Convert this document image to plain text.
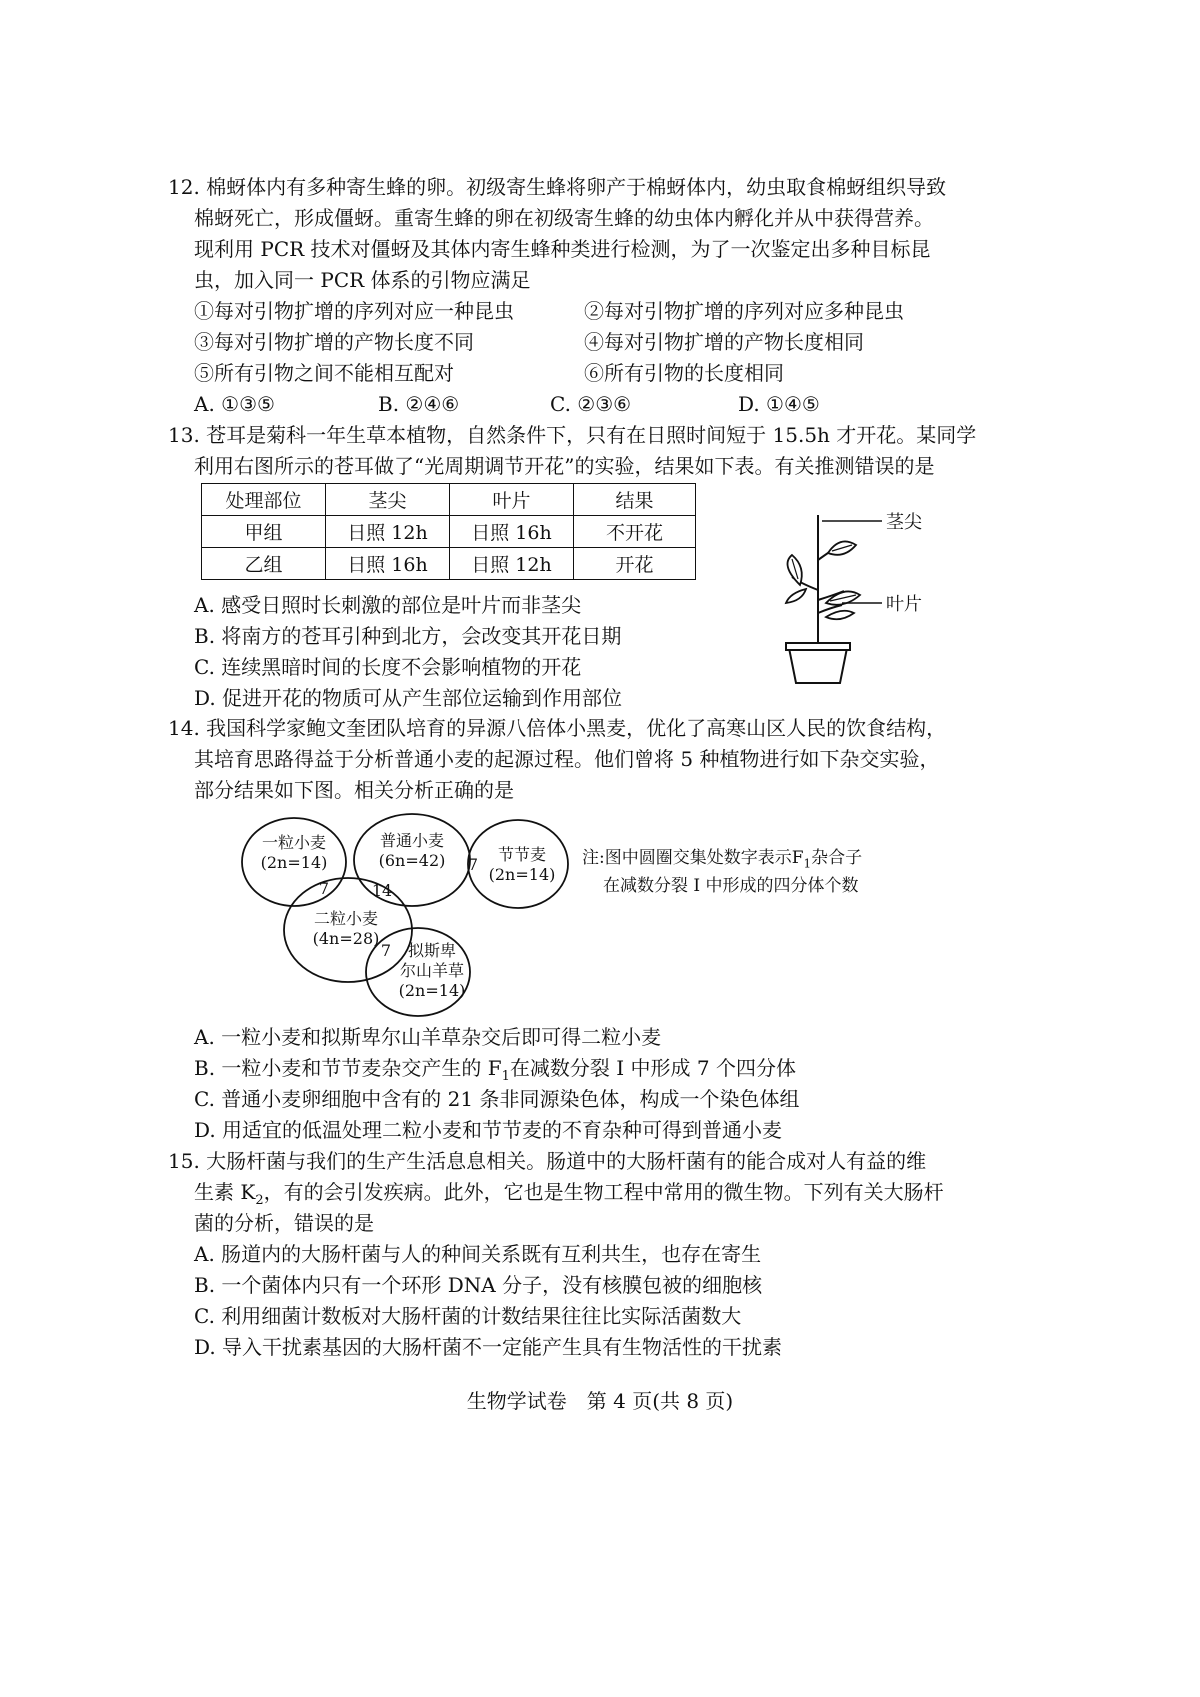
12. 棉蚜体内有多种寄生蜂的卵。初级寄生蜂将卵产于棉蚜体内，幼虫取食棉蚜组织导致
棉蚜死亡，形成僵蚜。重寄生蜂的卵在初级寄生蜂的幼虫体内孵化并从中获得营养。
现利用 PCR 技术对僵蚜及其体内寄生蜂种类进行检测，为了一次鉴定出多种目标昆
虫，加入同一 PCR 体系的引物应满足
①每对引物扩增的序列对应一种昆虫	②每对引物扩增的序列对应多种昆虫
③每对引物扩增的产物长度不同	④每对引物扩增的产物长度相同
⑤所有引物之间不能相互配对	⑥所有引物的长度相同
A. ①③⑤	B. ②④⑥	C. ②③⑥	D. ①④⑤
13. 苍耳是菊科一年生草本植物，自然条件下，只有在日照时间短于 15.5h 才开花。某同学
利用右图所示的苍耳做了“光周期调节开花”的实验，结果如下表。有关推测错误的是
处理部位	茎尖	叶片	结果
甲组	日照 12h	日照 16h	不开花
乙组	日照 16h	日照 12h	开花
A. 感受日照时长刺激的部位是叶片而非茎尖
B. 将南方的苍耳引种到北方，会改变其开花日期
C. 连续黑暗时间的长度不会影响植物的开花
D. 促进开花的物质可从产生部位运输到作用部位
茎尖
叶片
14. 我国科学家鲍文奎团队培育的异源八倍体小黑麦，优化了高寒山区人民的饮食结构，
其培育思路得益于分析普通小麦的起源过程。他们曾将 5 种植物进行如下杂交实验，
部分结果如下图。相关分析正确的是
一粒小麦
(2n=14)
普通小麦
(6n=42)	节节麦
(2n=14)
二粒小麦
(4n=28)
拟斯卑
尔山羊草
(2n=14)
7	14
7
7
注:图中圆圈交集处数字表示$F_1$杂合子
在减数分裂 Ⅰ 中形成的四分体个数
A. 一粒小麦和拟斯卑尔山羊草杂交后即可得二粒小麦
B. 一粒小麦和节节麦杂交产生的 $F_1$在减数分裂 Ⅰ 中形成 7 个四分体
C. 普通小麦卵细胞中含有的 21 条非同源染色体，构成一个染色体组
D. 用适宜的低温处理二粒小麦和节节麦的不育杂种可得到普通小麦
15. 大肠杆菌与我们的生产生活息息相关。肠道中的大肠杆菌有的能合成对人有益的维
生素 $K_2$，有的会引发疾病。此外，它也是生物工程中常用的微生物。下列有关大肠杆
菌的分析，错误的是
A. 肠道内的大肠杆菌与人的种间关系既有互利共生，也存在寄生
B. 一个菌体内只有一个环形 DNA 分子，没有核膜包被的细胞核
C. 利用细菌计数板对大肠杆菌的计数结果往往比实际活菌数大
D. 导入干扰素基因的大肠杆菌不一定能产生具有生物活性的干扰素
生物学试卷　第 4 页(共 8 页)
